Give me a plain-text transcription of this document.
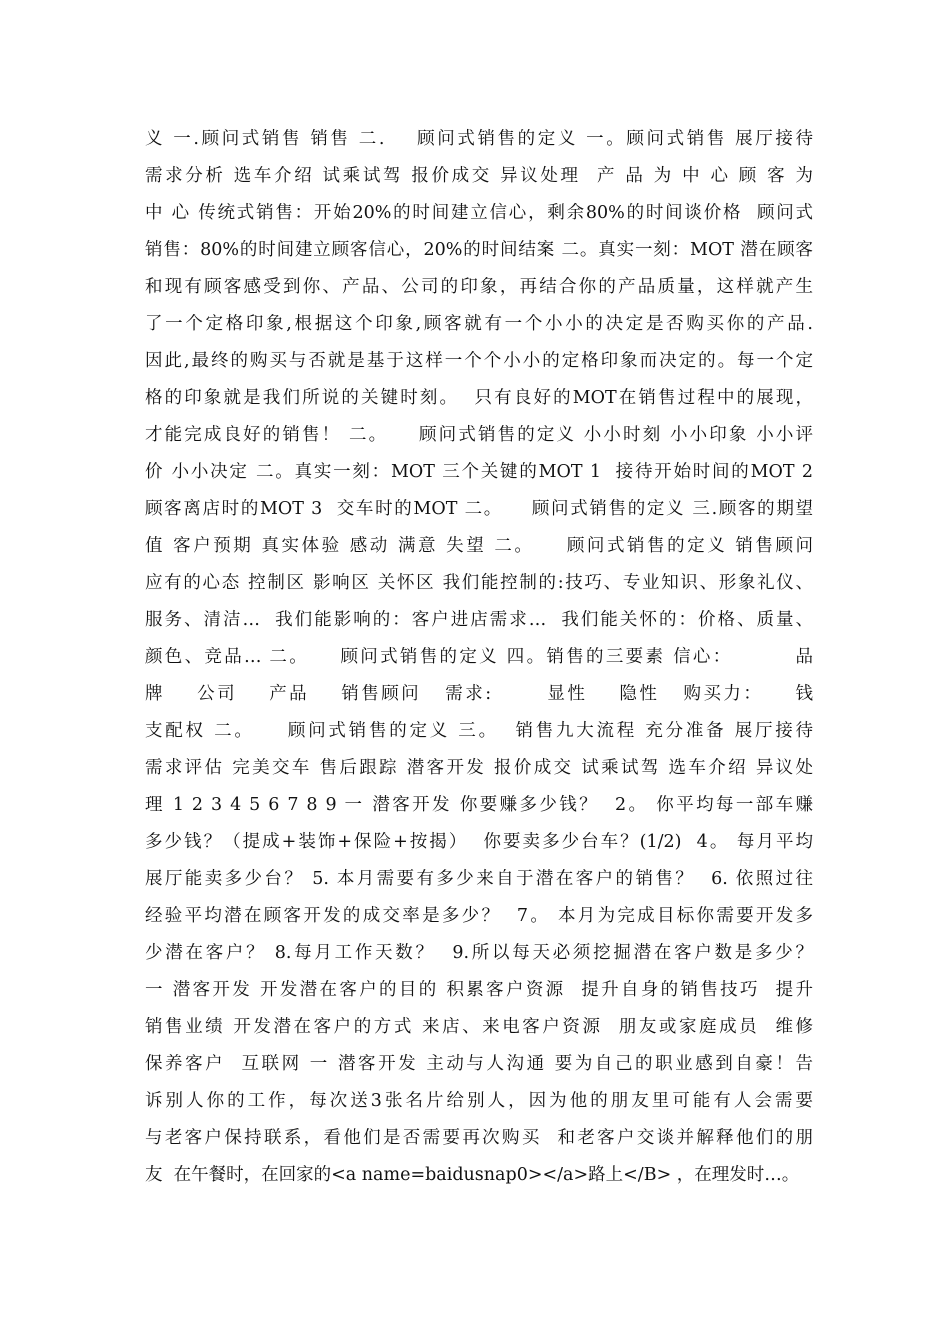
义 一.顾问式销售 销售 二.    顾问式销售的定义 一。顾问式销售 展厅接待
需求分析 选车介绍 试乘试驾 报价成交 异议处理  产 品 为 中 心 顾 客 为
中 心 传统式销售：开始20%的时间建立信心，剩余80%的时间谈价格  顾问式
销售：80%的时间建立顾客信心，20%的时间结案 二。真实一刻：MOT 潜在顾客
和现有顾客感受到你、产品、公司的印象，再结合你的产品质量，这样就产生
了一个定格印象,根据这个印象,顾客就有一个小小的决定是否购买你的产品.
因此,最终的购买与否就是基于这样一个个小小的定格印象而决定的。每一个定
格的印象就是我们所说的关键时刻。  只有良好的MOT在销售过程中的展现，
才能完成良好的销售！ 二。    顾问式销售的定义 小小时刻 小小印象 小小评
价 小小决定 二。真实一刻：MOT 三个关键的MOT 1  接待开始时间的MOT 2
顾客离店时的MOT 3  交车时的MOT 二。    顾问式销售的定义 三.顾客的期望
值 客户预期 真实体验 感动 满意 失望 二。    顾问式销售的定义 销售顾问
应有的心态 控制区 影响区 关怀区 我们能控制的:技巧、专业知识、形象礼仪、
服务、清洁…  我们能影响的：客户进店需求…  我们能关怀的：价格、质量、
颜色、竞品… 二。    顾问式销售的定义 四。销售的三要素 信心：        品
牌    公司    产品    销售顾问   需求:       显性    隐性   购买力：    钱
支配权 二。    顾问式销售的定义 三。  销售九大流程 充分准备 展厅接待
需求评估 完美交车 售后跟踪 潜客开发 报价成交 试乘试驾 选车介绍 异议处
理 1 2 3 4 5 6 7 8 9 一 潜客开发 你要赚多少钱？  2。 你平均每一部车赚
多少钱？（提成+装饰+保险+按揭）  你要卖多少台车？(1/2)  4。 每月平均
展厅能卖多少台？ 5. 本月需要有多少来自于潜在客户的销售？  6. 依照过往
经验平均潜在顾客开发的成交率是多少？  7。 本月为完成目标你需要开发多
少潜在客户？ 8.每月工作天数？  9.所以每天必须挖掘潜在客户数是多少？
一 潜客开发 开发潜在客户的目的 积累客户资源  提升自身的销售技巧  提升
销售业绩 开发潜在客户的方式 来店、来电客户资源  朋友或家庭成员  维修
保养客户  互联网 一 潜客开发 主动与人沟通 要为自己的职业感到自豪！告
诉别人你的工作，每次送3张名片给别人，因为他的朋友里可能有人会需要
与老客户保持联系，看他们是否需要再次购买  和老客户交谈并解释他们的朋
友  在午餐时，在回家的<a name=baidusnap0></a>路上</B> ，在理发时…。
